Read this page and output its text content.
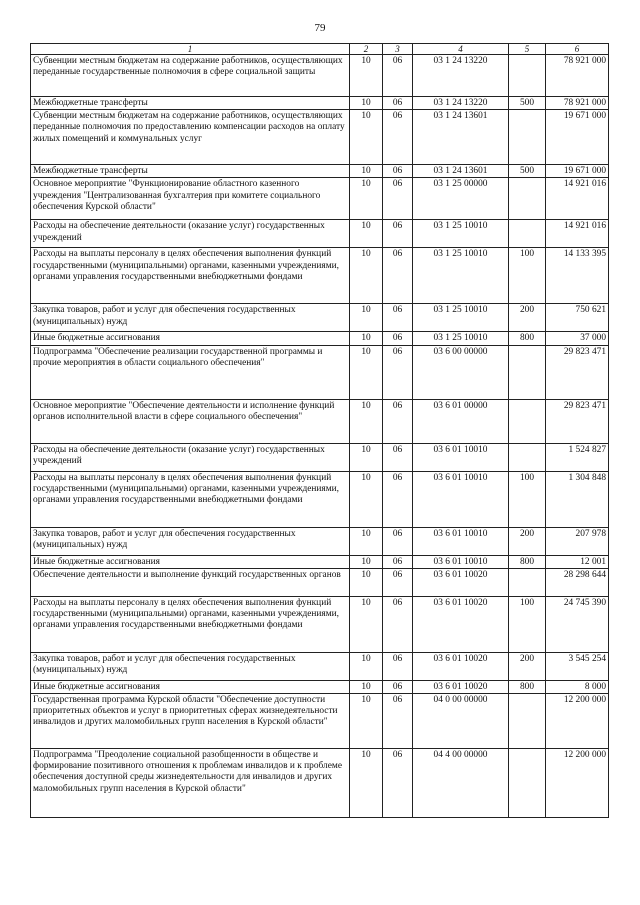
79
1	2	3	4	5	6
Субвенции местным бюджетам на содержание работников, осуществляющих переданные государственные полномочия в сфере социальной защиты	10	06	03 1 24 13220		78 921 000
Межбюджетные трансферты	10	06	03 1 24 13220	500	78 921 000
Субвенции местным бюджетам на содержание работников, осуществляющих переданные полномочия по предоставлению компенсации расходов на оплату жилых помещений и коммунальных услуг	10	06	03 1 24 13601		19 671 000
Межбюджетные трансферты	10	06	03 1 24 13601	500	19 671 000
Основное мероприятие "Функционирование областного казенного учреждения "Централизованная бухгалтерия при комитете социального обеспечения Курской области"	10	06	03 1 25 00000		14 921 016
Расходы на обеспечение деятельности (оказание услуг) государственных учреждений	10	06	03 1 25 10010		14 921 016
Расходы на выплаты персоналу в целях обеспечения выполнения функций государственными (муниципальными) органами, казенными учреждениями, органами управления государственными внебюджетными фондами	10	06	03 1 25 10010	100	14 133 395
Закупка товаров, работ и услуг для обеспечения государственных (муниципальных) нужд	10	06	03 1 25 10010	200	750 621
Иные бюджетные ассигнования	10	06	03 1 25 10010	800	37 000
Подпрограмма "Обеспечение реализации государственной программы и прочие мероприятия в области социального обеспечения"	10	06	03 6 00 00000		29 823 471
Основное мероприятие "Обеспечение деятельности и исполнение функций органов исполнительной власти в сфере социального обеспечения"	10	06	03 6 01 00000		29 823 471
Расходы на обеспечение деятельности (оказание услуг) государственных учреждений	10	06	03 6 01 10010		1 524 827
Расходы на выплаты персоналу в целях обеспечения выполнения функций государственными (муниципальными) органами, казенными учреждениями, органами управления государственными внебюджетными фондами	10	06	03 6 01 10010	100	1 304 848
Закупка товаров, работ и услуг для обеспечения государственных (муниципальных) нужд	10	06	03 6 01 10010	200	207 978
Иные бюджетные ассигнования	10	06	03 6 01 10010	800	12 001
Обеспечение деятельности и выполнение функций государственных органов	10	06	03 6 01 10020		28 298 644
Расходы на выплаты персоналу в целях обеспечения выполнения функций государственными (муниципальными) органами, казенными учреждениями, органами управления государственными внебюджетными фондами	10	06	03 6 01 10020	100	24 745 390
Закупка товаров, работ и услуг для обеспечения государственных (муниципальных) нужд	10	06	03 6 01 10020	200	3 545 254
Иные бюджетные ассигнования	10	06	03 6 01 10020	800	8 000
Государственная программа Курской области "Обеспечение доступности приоритетных объектов и услуг в приоритетных сферах жизнедеятельности инвалидов и других маломобильных групп населения в Курской области"	10	06	04 0 00 00000		12 200 000
Подпрограмма "Преодоление социальной разобщенности в обществе и формирование позитивного отношения к проблемам инвалидов и к проблеме обеспечения доступной среды жизнедеятельности для инвалидов и других маломобильных групп населения в Курской области"	10	06	04 4 00 00000		12 200 000
